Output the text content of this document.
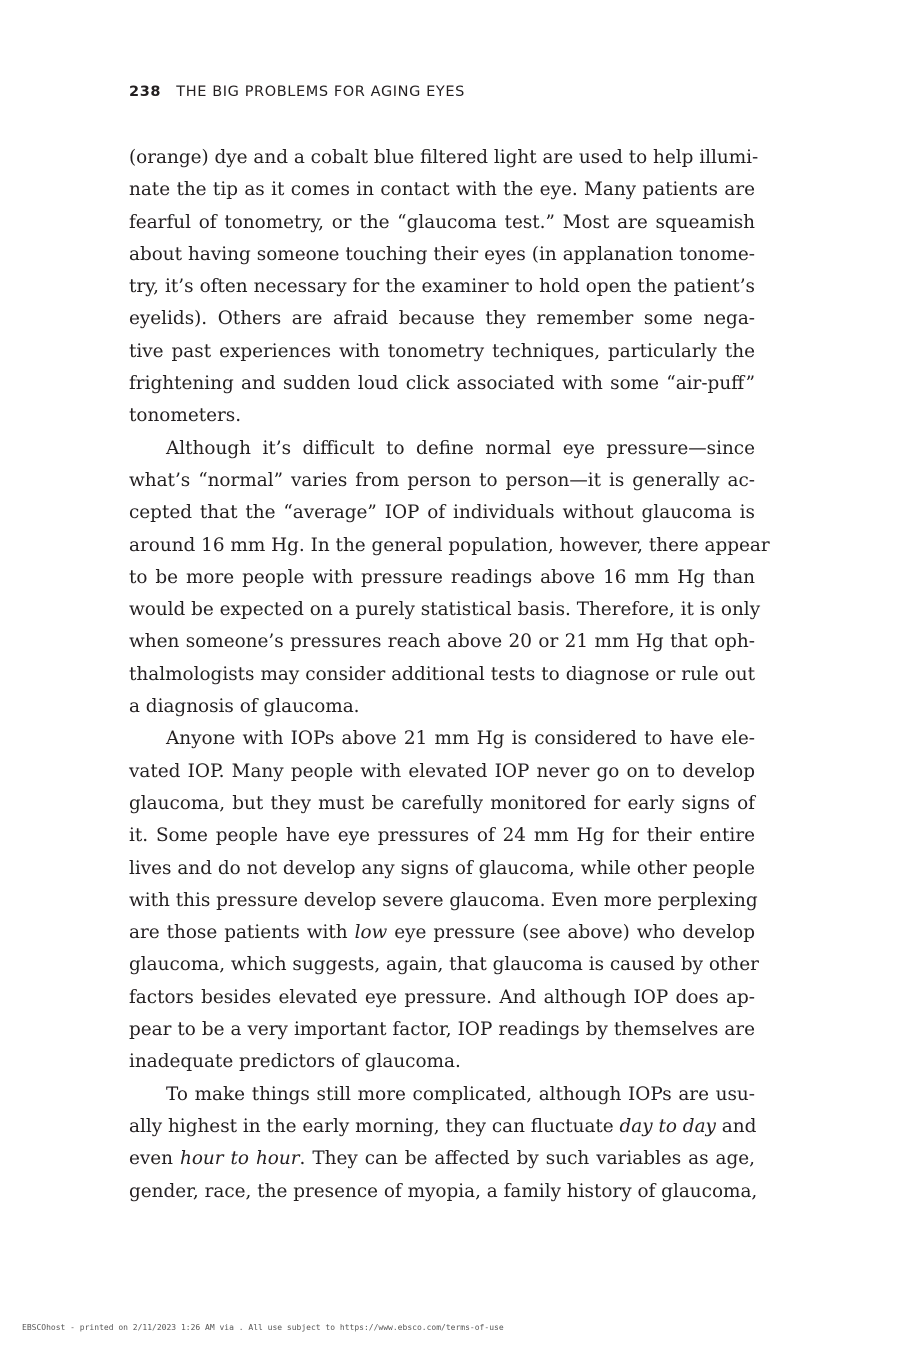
238 THE BIG PROBLEMS FOR AGING EYES
(orange) dye and a cobalt blue filtered light are used to help illumi-
nate the tip as it comes in contact with the eye. Many patients are
fearful of tonometry, or the “glaucoma test.” Most are squeamish
about having someone touching their eyes (in applanation tonome-
try, it’s often necessary for the examiner to hold open the patient’s
eyelids). Others are afraid because they remember some nega-
tive past experiences with tonometry techniques, particularly the
frightening and sudden loud click associated with some “air-puff”
tonometers.
Although it’s difficult to define normal eye pressure—since
what’s “normal” varies from person to person—it is generally ac-
cepted that the “average” IOP of individuals without glaucoma is
around 16 mm Hg. In the general population, however, there appear
to be more people with pressure readings above 16 mm Hg than
would be expected on a purely statistical basis. Therefore, it is only
when someone’s pressures reach above 20 or 21 mm Hg that oph-
thalmologists may consider additional tests to diagnose or rule out
a diagnosis of glaucoma.
Anyone with IOPs above 21 mm Hg is considered to have ele-
vated IOP. Many people with elevated IOP never go on to develop
glaucoma, but they must be carefully monitored for early signs of
it. Some people have eye pressures of 24 mm Hg for their entire
lives and do not develop any signs of glaucoma, while other people
with this pressure develop severe glaucoma. Even more perplexing
are those patients with low eye pressure (see above) who develop
glaucoma, which suggests, again, that glaucoma is caused by other
factors besides elevated eye pressure. And although IOP does ap-
pear to be a very important factor, IOP readings by themselves are
inadequate predictors of glaucoma.
To make things still more complicated, although IOPs are usu-
ally highest in the early morning, they can fluctuate day to day and
even hour to hour. They can be affected by such variables as age,
gender, race, the presence of myopia, a family history of glaucoma,
EBSCOhost - printed on 2/11/2023 1:26 AM via . All use subject to https://www.ebsco.com/terms-of-use
